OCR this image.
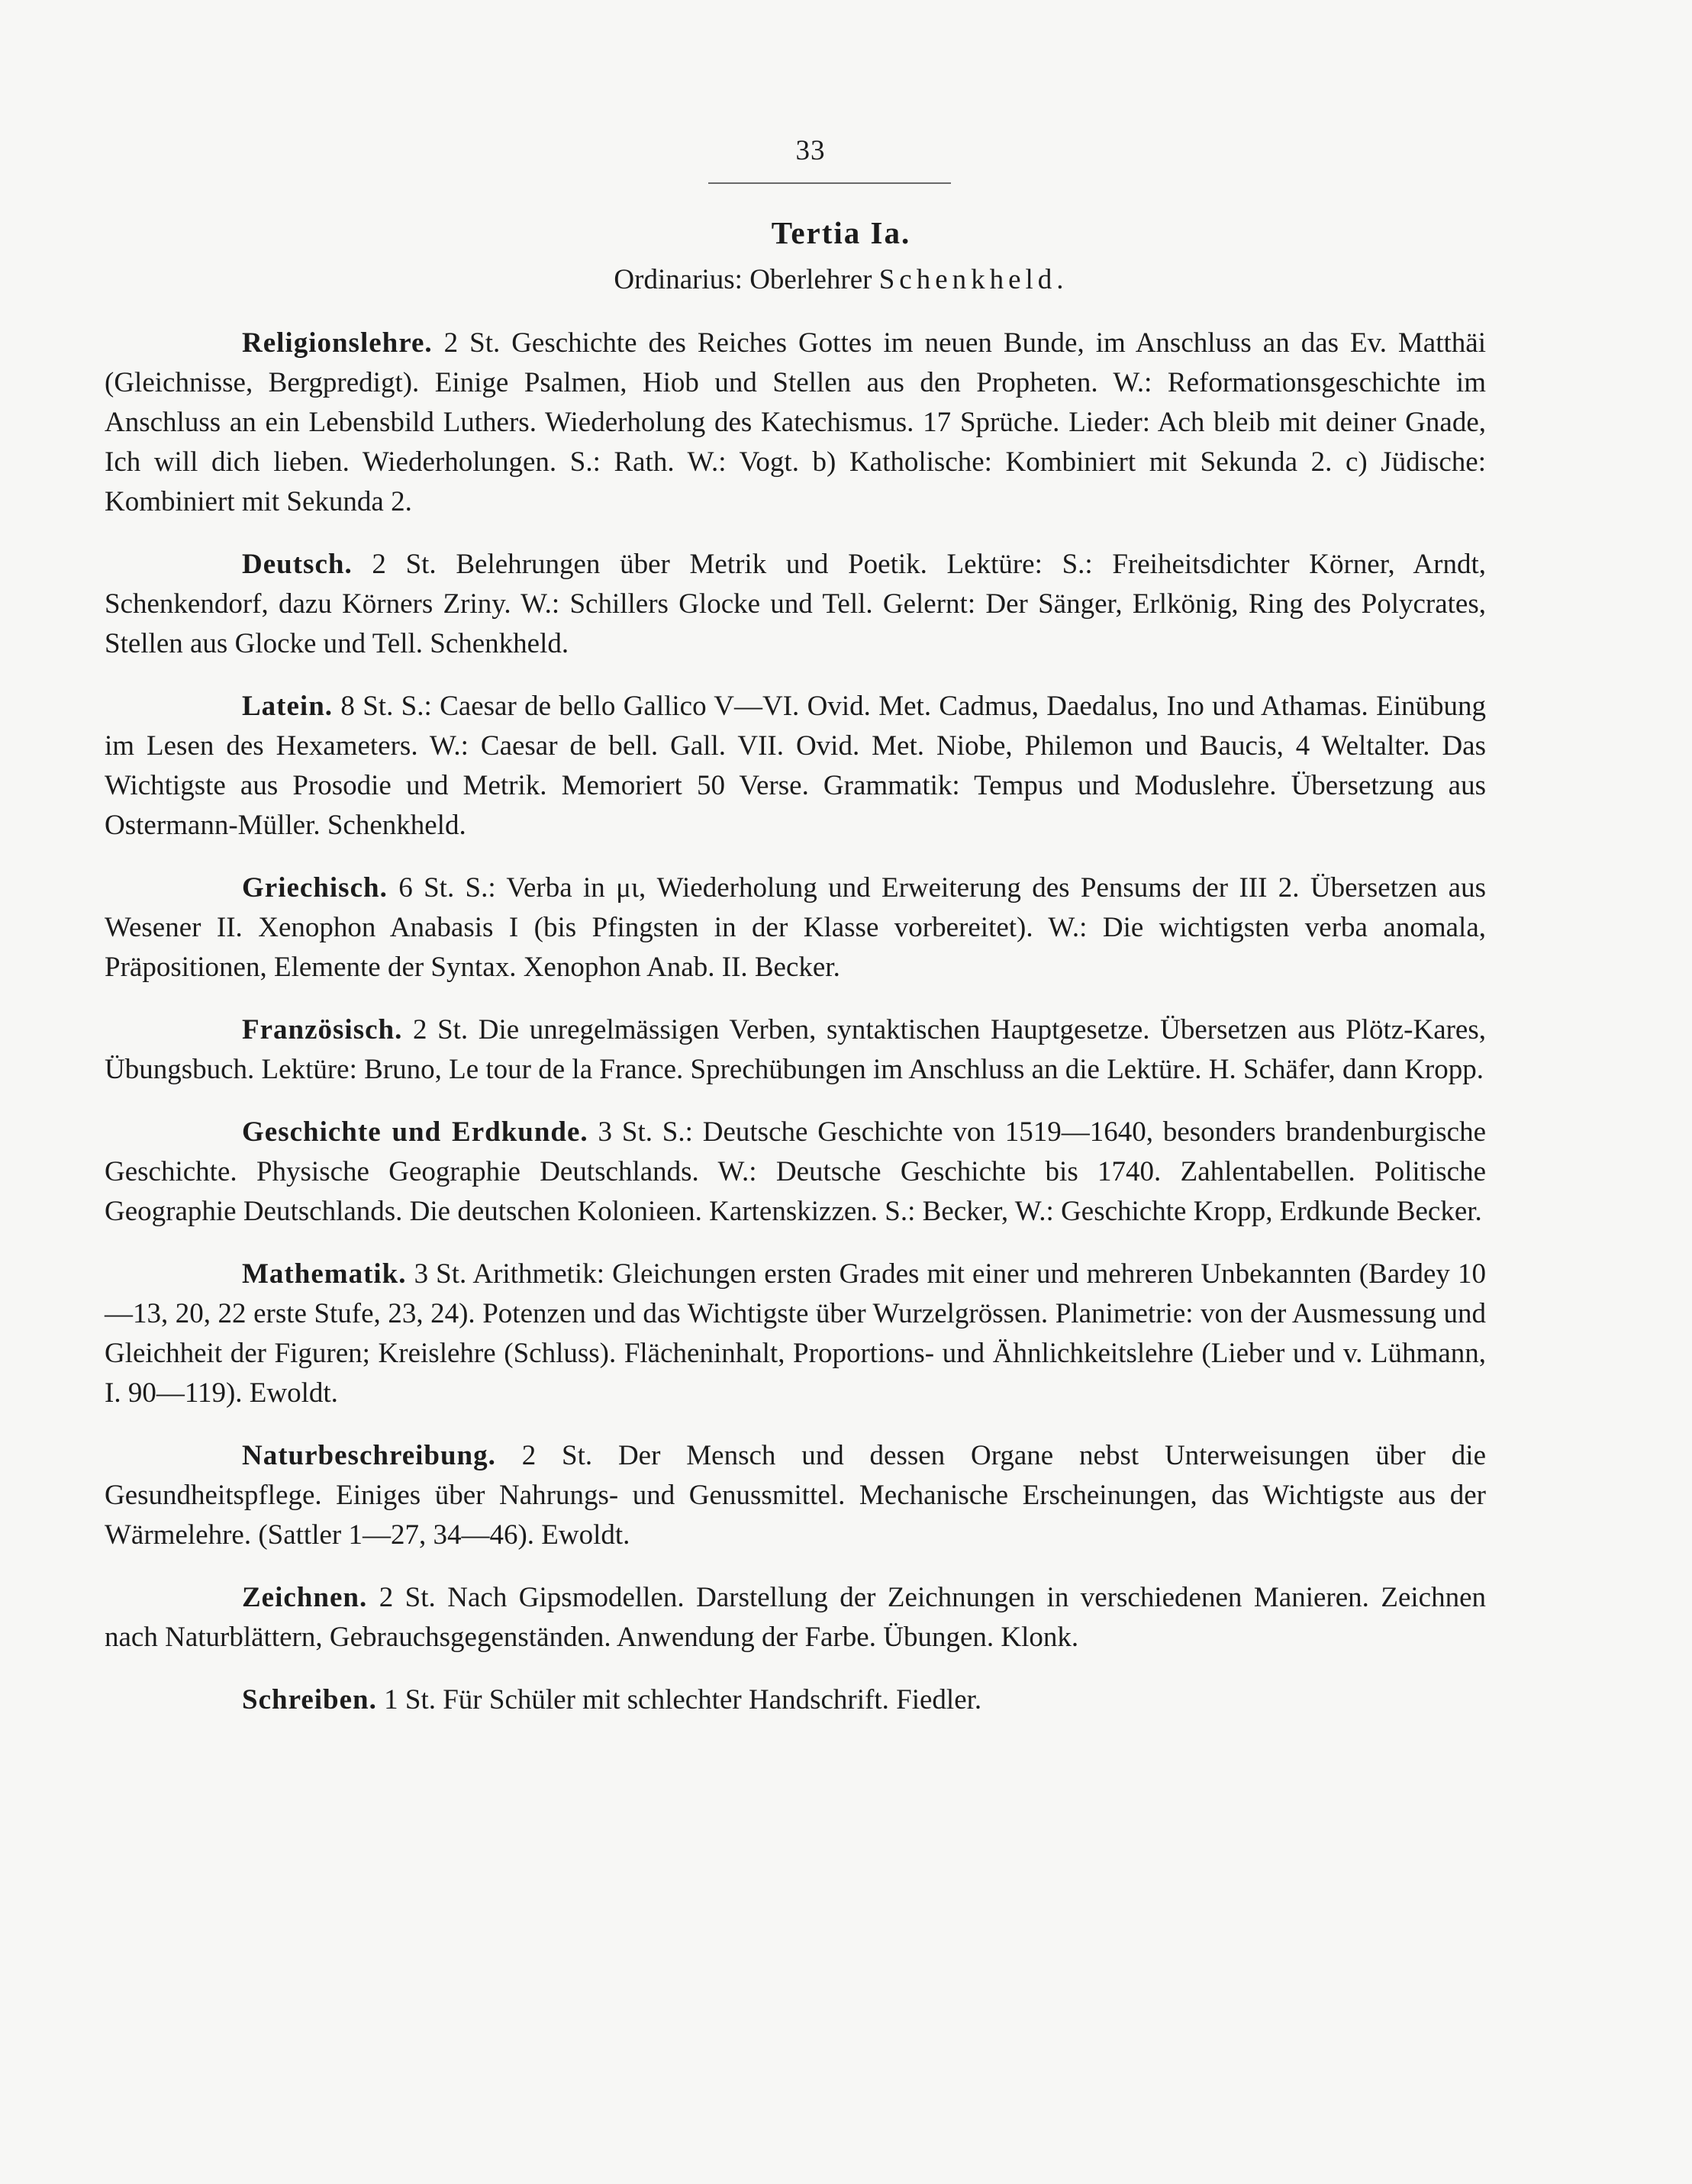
33
Tertia Ia.
Ordinarius: Oberlehrer Schenkheld.

Religionslehre. 2 St. Geschichte des Reiches Gottes im neuen Bunde, im Anschluss an das Ev. Matthäi (Gleichnisse, Bergpredigt). Einige Psalmen, Hiob und Stellen aus den Propheten. W.: Reformationsgeschichte im Anschluss an ein Lebensbild Luthers. Wiederholung des Katechismus. 17 Sprüche. Lieder: Ach bleib mit deiner Gnade, Ich will dich lieben. Wiederholungen. S.: Rath. W.: Vogt. b) Katholische: Kombiniert mit Sekunda 2. c) Jüdische: Kombiniert mit Sekunda 2.

Deutsch. 2 St. Belehrungen über Metrik und Poetik. Lektüre: S.: Freiheitsdichter Körner, Arndt, Schenkendorf, dazu Körners Zriny. W.: Schillers Glocke und Tell. Gelernt: Der Sänger, Erlkönig, Ring des Polycrates, Stellen aus Glocke und Tell. Schenkheld.

Latein. 8 St. S.: Caesar de bello Gallico V—VI. Ovid. Met. Cadmus, Daedalus, Ino und Athamas. Einübung im Lesen des Hexameters. W.: Caesar de bell. Gall. VII. Ovid. Met. Niobe, Philemon und Baucis, 4 Weltalter. Das Wichtigste aus Prosodie und Metrik. Memoriert 50 Verse. Grammatik: Tempus und Moduslehre. Übersetzung aus Ostermann-Müller. Schenkheld.

Griechisch. 6 St. S.: Verba in μι, Wiederholung und Erweiterung des Pensums der III 2. Übersetzen aus Wesener II. Xenophon Anabasis I (bis Pfingsten in der Klasse vorbereitet). W.: Die wichtigsten verba anomala, Präpositionen, Elemente der Syntax. Xenophon Anab. II. Becker.

Französisch. 2 St. Die unregelmässigen Verben, syntaktischen Hauptgesetze. Übersetzen aus Plötz-Kares, Übungsbuch. Lektüre: Bruno, Le tour de la France. Sprechübungen im Anschluss an die Lektüre. H. Schäfer, dann Kropp.

Geschichte und Erdkunde. 3 St. S.: Deutsche Geschichte von 1519—1640, besonders brandenburgische Geschichte. Physische Geographie Deutschlands. W.: Deutsche Geschichte bis 1740. Zahlentabellen. Politische Geographie Deutschlands. Die deutschen Kolonieen. Kartenskizzen. S.: Becker, W.: Geschichte Kropp, Erdkunde Becker.

Mathematik. 3 St. Arithmetik: Gleichungen ersten Grades mit einer und mehreren Unbekannten (Bardey 10—13, 20, 22 erste Stufe, 23, 24). Potenzen und das Wichtigste über Wurzelgrössen. Planimetrie: von der Ausmessung und Gleichheit der Figuren; Kreislehre (Schluss). Flächeninhalt, Proportions- und Ähnlichkeitslehre (Lieber und v. Lühmann, I. 90—119). Ewoldt.

Naturbeschreibung. 2 St. Der Mensch und dessen Organe nebst Unterweisungen über die Gesundheitspflege. Einiges über Nahrungs- und Genussmittel. Mechanische Erscheinungen, das Wichtigste aus der Wärmelehre. (Sattler 1—27, 34—46). Ewoldt.

Zeichnen. 2 St. Nach Gipsmodellen. Darstellung der Zeichnungen in verschiedenen Manieren. Zeichnen nach Naturblättern, Gebrauchsgegenständen. Anwendung der Farbe. Übungen. Klonk.

Schreiben. 1 St. Für Schüler mit schlechter Handschrift. Fiedler.
